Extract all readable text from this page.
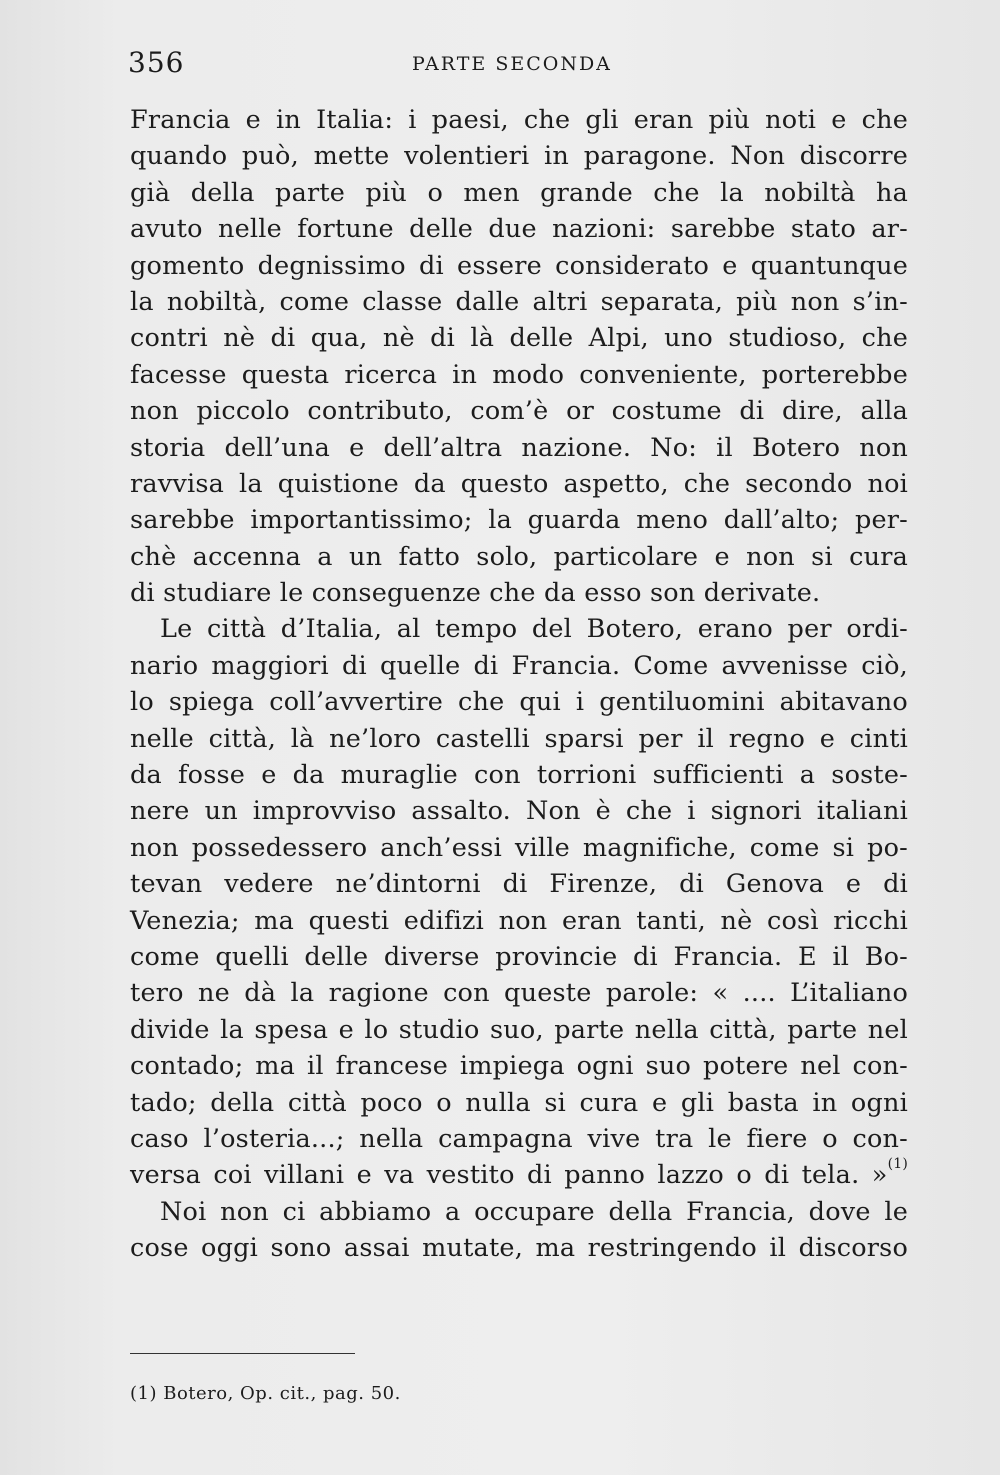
356	PARTE SECONDA
Francia e in Italia: i paesi, che gli eran più noti e che
quando può, mette volentieri in paragone. Non discorre
già della parte più o men grande che la nobiltà ha
avuto nelle fortune delle due nazioni: sarebbe stato ar-
gomento degnissimo di essere considerato e quantunque
la nobiltà, come classe dalle altri separata, più non s’in-
contri nè di qua, nè di là delle Alpi, uno studioso, che
facesse questa ricerca in modo conveniente, porterebbe
non piccolo contributo, com’è or costume di dire, alla
storia dell’una e dell’altra nazione. No: il Botero non
ravvisa la quistione da questo aspetto, che secondo noi
sarebbe importantissimo; la guarda meno dall’alto; per-
chè accenna a un fatto solo, particolare e non si cura
di studiare le conseguenze che da esso son derivate.
Le città d’Italia, al tempo del Botero, erano per ordi-
nario maggiori di quelle di Francia. Come avvenisse ciò,
lo spiega coll’avvertire che qui i gentiluomini abitavano
nelle città, là ne’loro castelli sparsi per il regno e cinti
da fosse e da muraglie con torrioni sufficienti a soste-
nere un improvviso assalto. Non è che i signori italiani
non possedessero anch’essi ville magnifiche, come si po-
tevan vedere ne’dintorni di Firenze, di Genova e di
Venezia; ma questi edifizi non eran tanti, nè così ricchi
come quelli delle diverse provincie di Francia. E il Bo-
tero ne dà la ragione con queste parole: « .... L’italiano
divide la spesa e lo studio suo, parte nella città, parte nel
contado; ma il francese impiega ogni suo potere nel con-
tado; della città poco o nulla si cura e gli basta in ogni
caso l’osteria...; nella campagna vive tra le fiere o con-
versa coi villani e va vestito di panno lazzo o di tela. »$^{(1)}$
Noi non ci abbiamo a occupare della Francia, dove le
cose oggi sono assai mutate, ma restringendo il discorso
(1) Botero, Op. cit., pag. 50.
